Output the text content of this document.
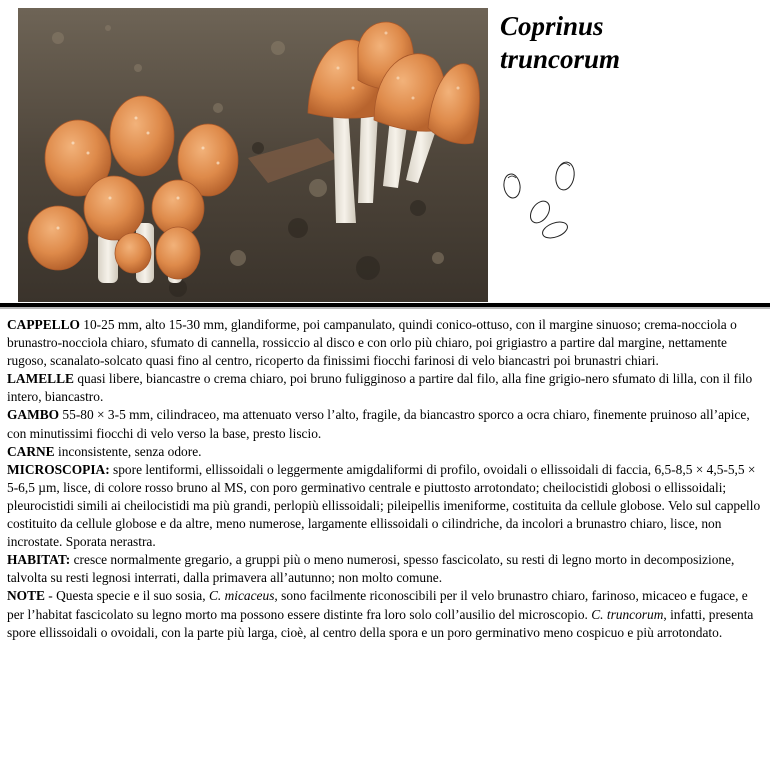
Coprinus
truncorum

CAPPELLO 10-25 mm, alto 15-30 mm, glandiforme, poi campanulato, quindi conico-ottuso, con il margine sinuoso; crema-nocciola o brunastro-nocciola chiaro, sfumato di cannella, rossiccio al disco e con orlo più chiaro, poi grigiastro a partire dal margine, nettamente rugoso, scanalato-solcato quasi fino al centro, ricoperto da finissimi fiocchi farinosi di velo biancastri poi brunastri chiari.

LAMELLE quasi libere, biancastre o crema chiaro, poi bruno fuligginoso a partire dal filo, alla fine grigio-nero sfumato di lilla, con il filo intero, biancastro.

GAMBO 55-80 × 3-5 mm, cilindraceo, ma attenuato verso l’alto, fragile, da biancastro sporco a ocra chiaro, finemente pruinoso all’apice, con minutissimi fiocchi di velo verso la base, presto liscio.

CARNE inconsistente, senza odore.

MICROSCOPIA: spore lentiformi, ellissoidali o leggermente amigdaliformi di profilo, ovoidali o ellissoidali di faccia, 6,5-8,5 × 4,5-5,5 × 5-6,5 µm, lisce, di colore rosso bruno al MS, con poro germinativo centrale e piuttosto arrotondato; cheilocistidi globosi o ellissoidali; pleurocistidi simili ai cheilocistidi ma più grandi, perlopiù ellissoidali; pileipellis imeniforme, costituita da cellule globose. Velo sul cappello costituito da cellule globose e da altre, meno numerose, largamente ellissoidali o cilindriche, da incolori a brunastro chiaro, lisce, non incrostate. Sporata nerastra.

HABITAT: cresce normalmente gregario, a gruppi più o meno numerosi, spesso fascicolato, su resti di legno morto in decomposizione, talvolta su resti legnosi interrati, dalla primavera all’autunno; non molto comune.

NOTE - Questa specie e il suo sosia, C. micaceus, sono facilmente riconoscibili per il velo brunastro chiaro, farinoso, micaceo e fugace, e per l’habitat fascicolato su legno morto ma possono essere distinte fra loro solo coll’ausilio del microscopio. C. truncorum, infatti, presenta spore ellissoidali o ovoidali, con la parte più larga, cioè, al centro della spora e un poro germinativo meno cospicuo e più arrotondato.
